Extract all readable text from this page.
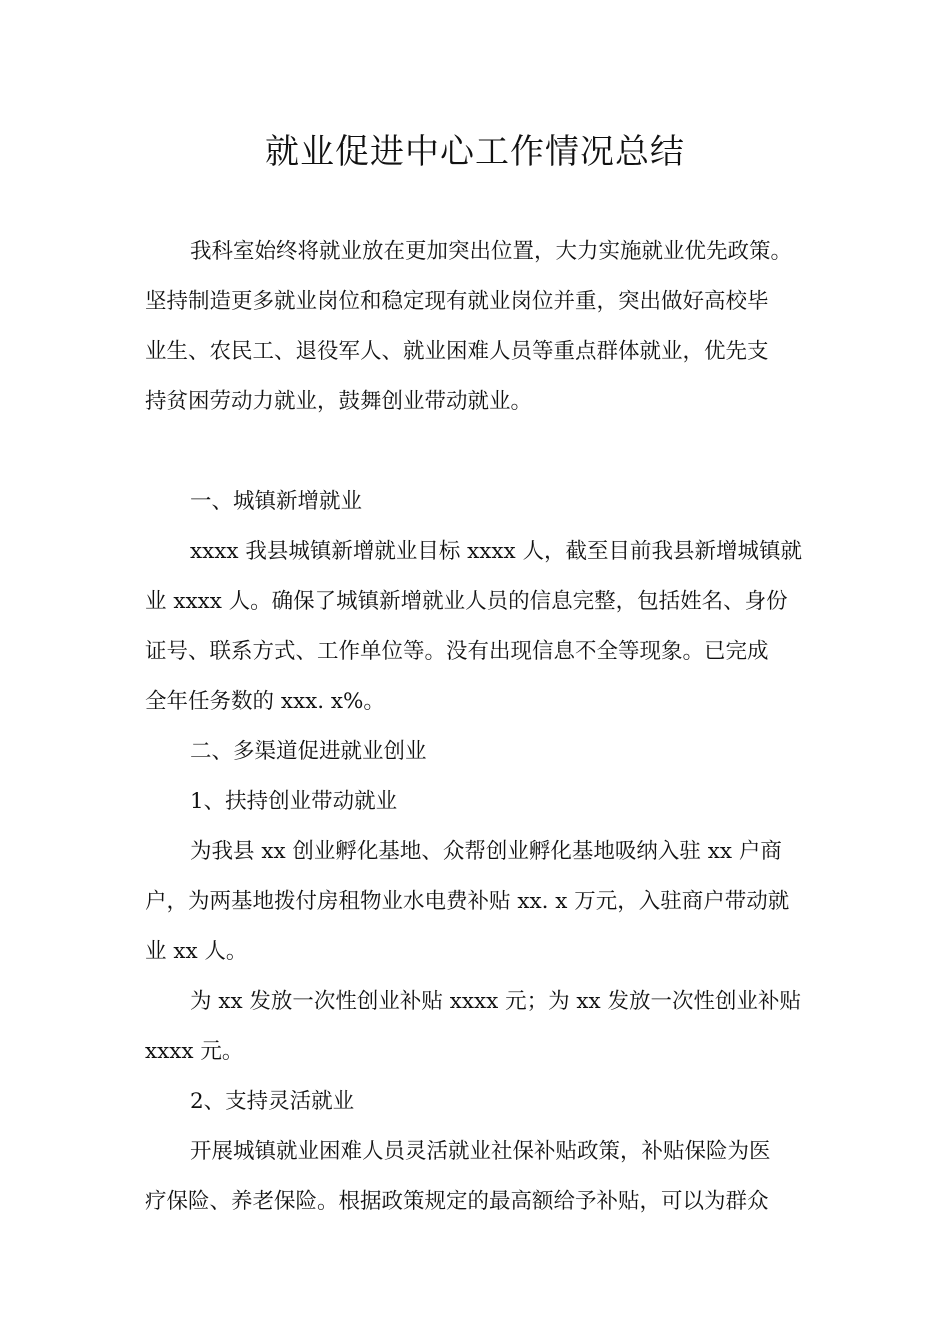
就业促进中心工作情况总结

我科室始终将就业放在更加突出位置，大力实施就业优先政策。

坚持制造更多就业岗位和稳定现有就业岗位并重，突出做好高校毕

业生、农民工、退役军人、就业困难人员等重点群体就业，优先支

持贫困劳动力就业，鼓舞创业带动就业。

一、城镇新增就业

xxxx 我县城镇新增就业目标 xxxx 人，截至目前我县新增城镇就

业 xxxx 人。确保了城镇新增就业人员的信息完整，包括姓名、身份

证号、联系方式、工作单位等。没有出现信息不全等现象。已完成

全年任务数的 xxx. x%。

二、多渠道促进就业创业

1、扶持创业带动就业

为我县 xx 创业孵化基地、众帮创业孵化基地吸纳入驻 xx 户商

户，为两基地拨付房租物业水电费补贴 xx. x 万元，入驻商户带动就

业 xx 人。

为 xx 发放一次性创业补贴 xxxx 元；为 xx 发放一次性创业补贴

xxxx 元。

2、支持灵活就业

开展城镇就业困难人员灵活就业社保补贴政策，补贴保险为医

疗保险、养老保险。根据政策规定的最高额给予补贴，可以为群众
